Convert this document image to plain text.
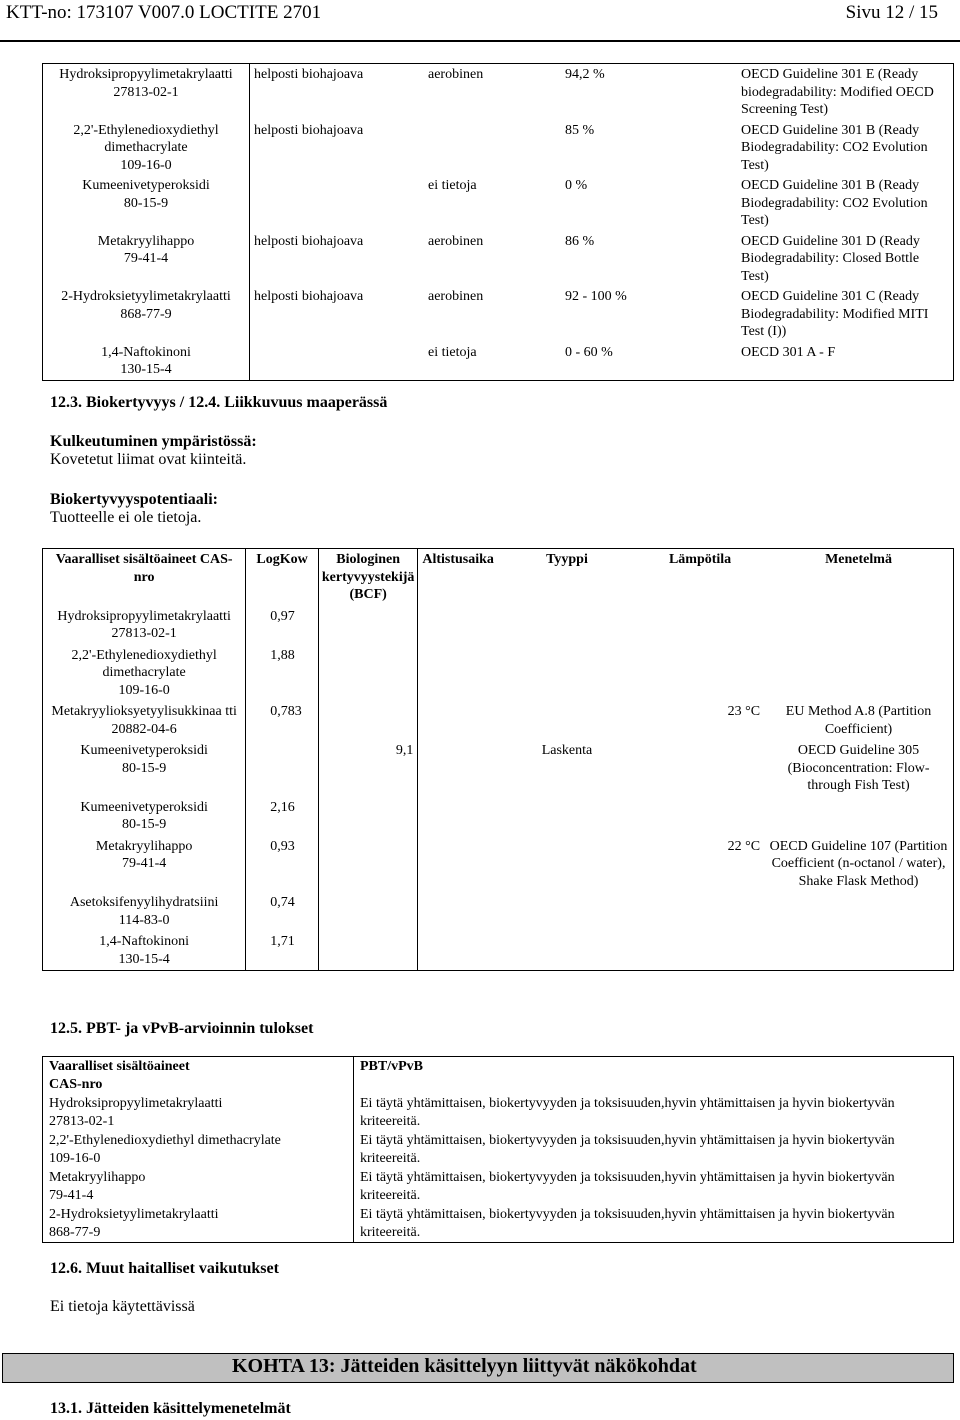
KTT-no: 173107 V007.0 LOCTITE 2701	Sivu 12 / 15
Hydroksipropyylimetakrylaatti
27813-02-1	helposti biohajoava	aerobinen	94,2 %	OECD Guideline 301 E (Ready biodegradability: Modified OECD Screening Test)

2,2'-Ethylenedioxydiethyl dimethacrylate
109-16-0	helposti biohajoava		85 %	OECD Guideline 301 B (Ready Biodegradability: CO2 Evolution Test)

Kumeenivetyperoksidi
80-15-9		ei tietoja	0 %	OECD Guideline 301 B (Ready Biodegradability: CO2 Evolution Test)

Metakryylihappo
79-41-4	helposti biohajoava	aerobinen	86 %	OECD Guideline 301 D (Ready Biodegradability: Closed Bottle Test)

2-Hydroksietyylimetakrylaatti
868-77-9	helposti biohajoava	aerobinen	92 - 100 %	OECD Guideline 301 C (Ready Biodegradability: Modified MITI Test (I))

1,4-Naftokinoni
130-15-4		ei tietoja	0 - 60 %	OECD 301 A - F
12.3. Biokertyvyys / 12.4. Liikkuvuus maaperässä
Kulkeutuminen ympäristössä:
Kovetetut liimat ovat kiinteitä.
Biokertyvyyspotentiaali:
Tuotteelle ei ole tietoja.
Vaaralliset sisältöaineet CAS-nro	LogKow	Biologinen kertyvyystekijä (BCF)	Altistusaika	Tyyppi	Lämpötila	Menetelmä

Hydroksipropyylimetakrylaatti
27813-02-1	0,97					

2,2'-Ethylenedioxydiethyl dimethacrylate
109-16-0	1,88					

Metakryylioksyetyylisukkinaa tti
20882-04-6	0,783				23 °C	EU Method A.8 (Partition Coefficient)

Kumeenivetyperoksidi
80-15-9		9,1		Laskenta		OECD Guideline 305 (Bioconcentration: Flow-through Fish Test)

Kumeenivetyperoksidi
80-15-9	2,16					

Metakryylihappo
79-41-4	0,93				22 °C	OECD Guideline 107 (Partition Coefficient (n-octanol / water), Shake Flask Method)

Asetoksifenyylihydratsiini
114-83-0	0,74					

1,4-Naftokinoni
130-15-4	1,71					
12.5. PBT- ja vPvB-arvioinnin tulokset
Vaaralliset sisältöaineet
CAS-nro	PBT/vPvB

Hydroksipropyylimetakrylaatti
27813-02-1	Ei täytä yhtämittaisen, biokertyvyyden ja toksisuuden,hyvin yhtämittaisen ja hyvin biokertyvän kriteereitä.

2,2'-Ethylenedioxydiethyl dimethacrylate
109-16-0	Ei täytä yhtämittaisen, biokertyvyyden ja toksisuuden,hyvin yhtämittaisen ja hyvin biokertyvän kriteereitä.

Metakryylihappo
79-41-4	Ei täytä yhtämittaisen, biokertyvyyden ja toksisuuden,hyvin yhtämittaisen ja hyvin biokertyvän kriteereitä.

2-Hydroksietyylimetakrylaatti
868-77-9	Ei täytä yhtämittaisen, biokertyvyyden ja toksisuuden,hyvin yhtämittaisen ja hyvin biokertyvän kriteereitä.
12.6. Muut haitalliset vaikutukset
Ei tietoja käytettävissä
KOHTA 13: Jätteiden käsittelyyn liittyvät näkökohdat
13.1. Jätteiden käsittelymenetelmät
